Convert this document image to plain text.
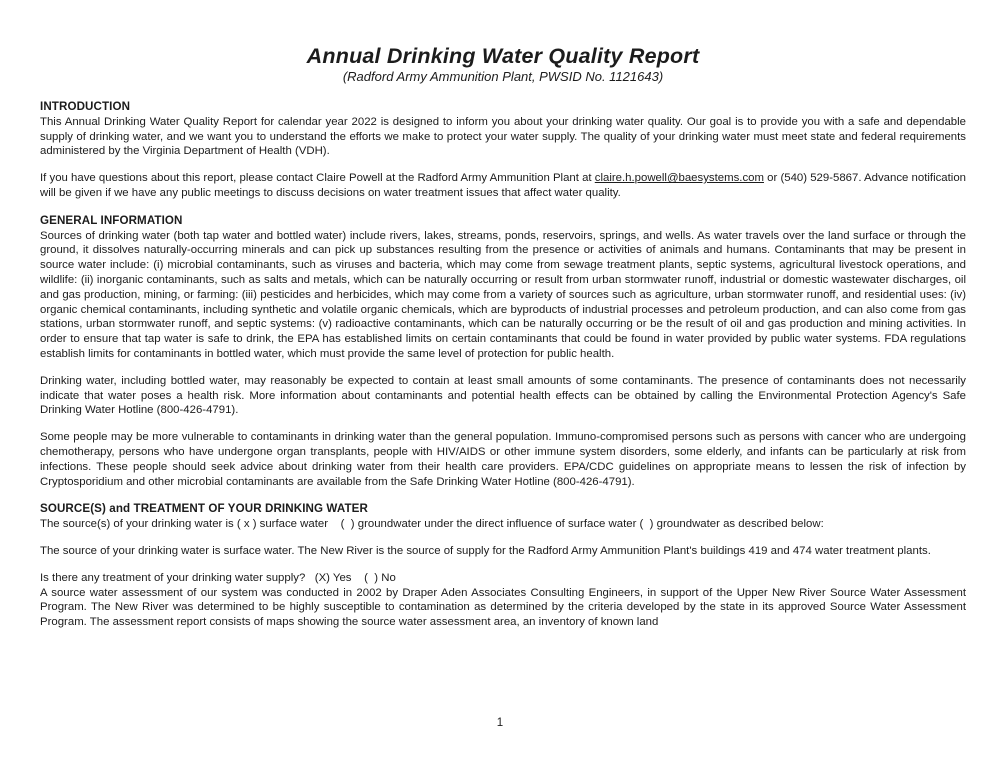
Annual Drinking Water Quality Report
(Radford Army Ammunition Plant, PWSID No. 1121643)
INTRODUCTION

This Annual Drinking Water Quality Report for calendar year 2022 is designed to inform you about your drinking water quality. Our goal is to provide you with a safe and dependable supply of drinking water, and we want you to understand the efforts we make to protect your water supply. The quality of your drinking water must meet state and federal requirements administered by the Virginia Department of Health (VDH).

If you have questions about this report, please contact Claire Powell at the Radford Army Ammunition Plant at claire.h.powell@baesystems.com or (540) 529-5867. Advance notification will be given if we have any public meetings to discuss decisions on water treatment issues that affect water quality.

GENERAL INFORMATION

Sources of drinking water (both tap water and bottled water) include rivers, lakes, streams, ponds, reservoirs, springs, and wells. As water travels over the land surface or through the ground, it dissolves naturally-occurring minerals and can pick up substances resulting from the presence or activities of animals and humans. Contaminants that may be present in source water include: (i) microbial contaminants, such as viruses and bacteria, which may come from sewage treatment plants, septic systems, agricultural livestock operations, and wildlife: (ii) inorganic contaminants, such as salts and metals, which can be naturally occurring or result from urban stormwater runoff, industrial or domestic wastewater discharges, oil and gas production, mining, or farming: (iii) pesticides and herbicides, which may come from a variety of sources such as agriculture, urban stormwater runoff, and residential uses: (iv) organic chemical contaminants, including synthetic and volatile organic chemicals, which are byproducts of industrial processes and petroleum production, and can also come from gas stations, urban stormwater runoff, and septic systems: (v) radioactive contaminants, which can be naturally occurring or be the result of oil and gas production and mining activities. In order to ensure that tap water is safe to drink, the EPA has established limits on certain contaminants that could be found in water provided by public water systems. FDA regulations establish limits for contaminants in bottled water, which must provide the same level of protection for public health.

Drinking water, including bottled water, may reasonably be expected to contain at least small amounts of some contaminants. The presence of contaminants does not necessarily indicate that water poses a health risk. More information about contaminants and potential health effects can be obtained by calling the Environmental Protection Agency's Safe Drinking Water Hotline (800-426-4791).

Some people may be more vulnerable to contaminants in drinking water than the general population. Immuno-compromised persons such as persons with cancer who are undergoing chemotherapy, persons who have undergone organ transplants, people with HIV/AIDS or other immune system disorders, some elderly, and infants can be particularly at risk from infections. These people should seek advice about drinking water from their health care providers. EPA/CDC guidelines on appropriate means to lessen the risk of infection by Cryptosporidium and other microbial contaminants are available from the Safe Drinking Water Hotline (800-426-4791).

SOURCE(S) and TREATMENT OF YOUR DRINKING WATER
The source(s) of your drinking water is ( x ) surface water    (  ) groundwater under the direct influence of surface water (  ) groundwater as described below:

The source of your drinking water is surface water. The New River is the source of supply for the Radford Army Ammunition Plant's buildings 419 and 474 water treatment plants.

Is there any treatment of your drinking water supply?   (X) Yes    (  ) No

A source water assessment of our system was conducted in 2002 by Draper Aden Associates Consulting Engineers, in support of the Upper New River Source Water Assessment Program. The New River was determined to be highly susceptible to contamination as determined by the criteria developed by the state in its approved Source Water Assessment Program. The assessment report consists of maps showing the source water assessment area, an inventory of known land

1
